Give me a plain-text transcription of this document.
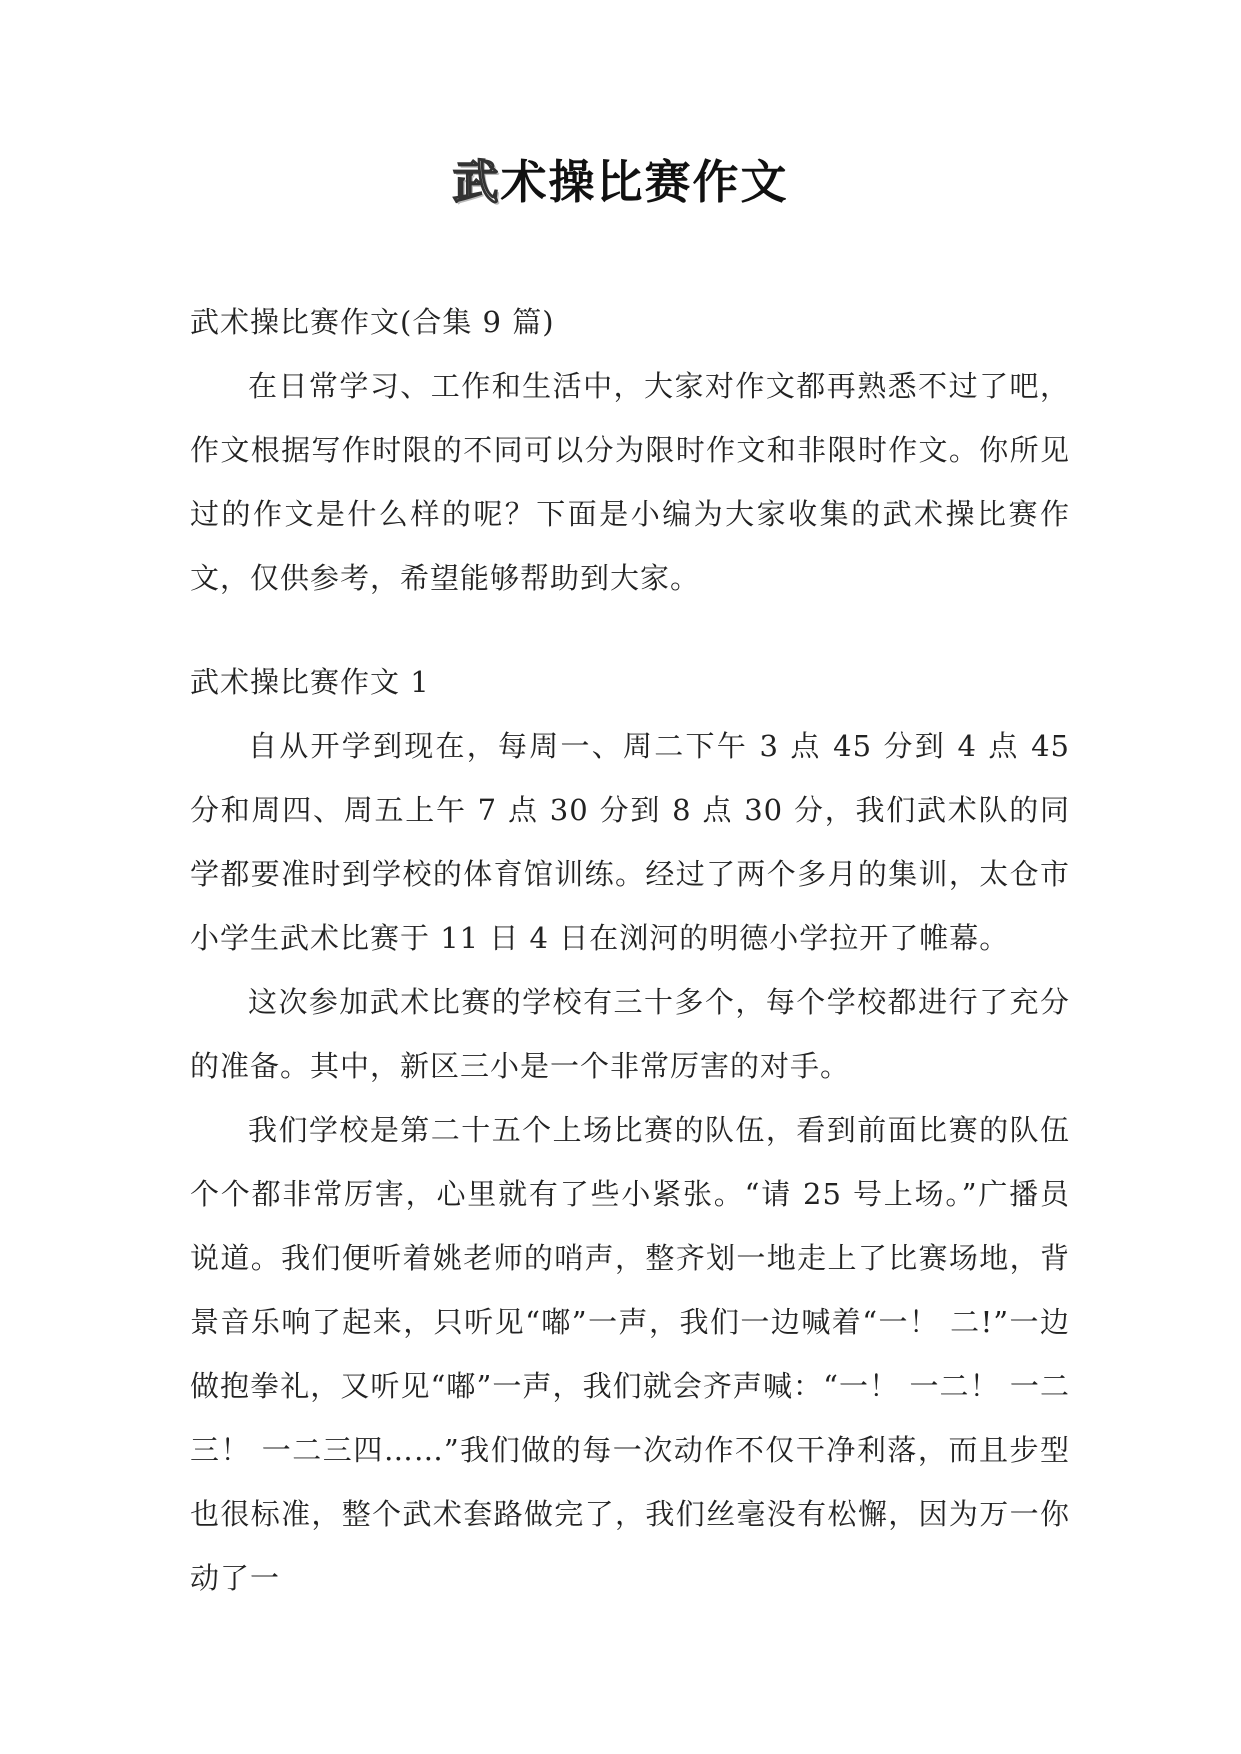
武术操比赛作文

武术操比赛作文(合集 9 篇)

在日常学习、工作和生活中，大家对作文都再熟悉不过了吧，作文根据写作时限的不同可以分为限时作文和非限时作文。你所见过的作文是什么样的呢？下面是小编为大家收集的武术操比赛作文，仅供参考，希望能够帮助到大家。

武术操比赛作文 1

自从开学到现在，每周一、周二下午 3 点 45 分到 4 点 45 分和周四、周五上午 7 点 30 分到 8 点 30 分，我们武术队的同学都要准时到学校的体育馆训练。经过了两个多月的集训，太仓市小学生武术比赛于 11 日 4 日在浏河的明德小学拉开了帷幕。

这次参加武术比赛的学校有三十多个，每个学校都进行了充分的准备。其中，新区三小是一个非常厉害的对手。

我们学校是第二十五个上场比赛的队伍，看到前面比赛的队伍个个都非常厉害，心里就有了些小紧张。“请 25 号上场。”广播员说道。我们便听着姚老师的哨声，整齐划一地走上了比赛场地，背景音乐响了起来，只听见“嘟”一声，我们一边喊着“一！ 二!”一边做抱拳礼，又听见“嘟”一声，我们就会齐声喊：“一！ 一二！ 一二三！ 一二三四……”我们做的每一次动作不仅干净利落，而且步型也很标准，整个武术套路做完了，我们丝毫没有松懈，因为万一你动了一
